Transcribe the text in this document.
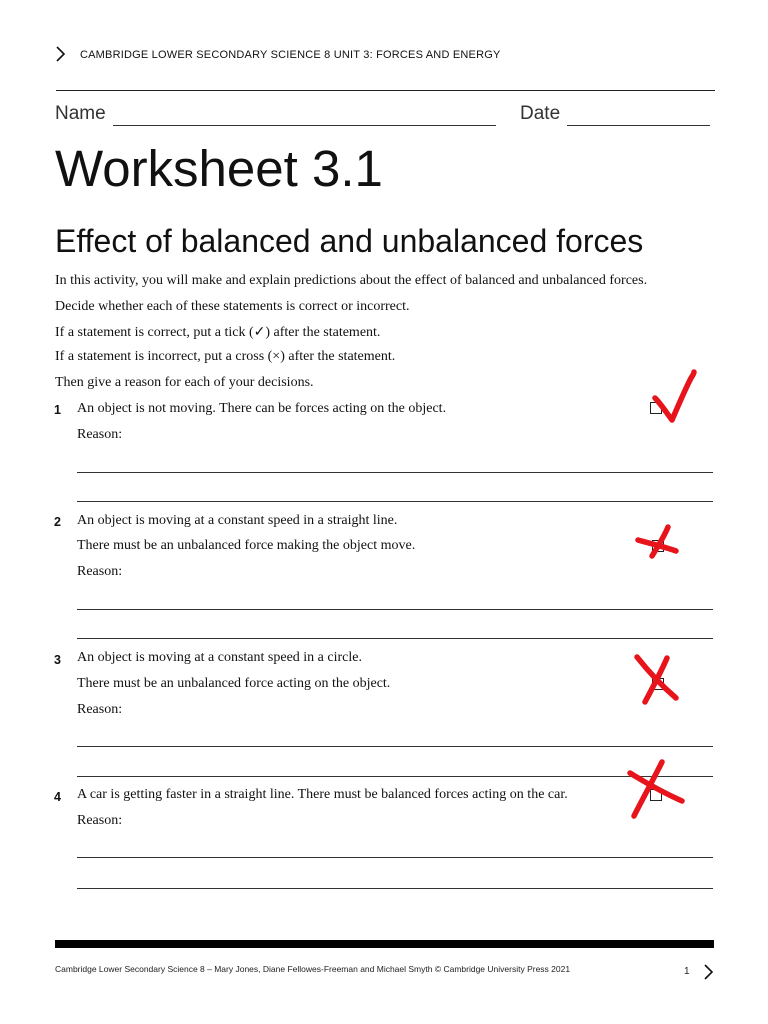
CAMBRIDGE LOWER SECONDARY SCIENCE 8 UNIT 3: FORCES AND ENERGY
Name	Date
Worksheet 3.1
Effect of balanced and unbalanced forces
In this activity, you will make and explain predictions about the effect of balanced and unbalanced forces.
Decide whether each of these statements is correct or incorrect.
If a statement is correct, put a tick (✓) after the statement.
If a statement is incorrect, put a cross (×) after the statement.
Then give a reason for each of your decisions.
1 An object is not moving. There can be forces acting on the object.
Reason:
2 An object is moving at a constant speed in a straight line.
There must be an unbalanced force making the object move.
Reason:
3 An object is moving at a constant speed in a circle.
There must be an unbalanced force acting on the object.
Reason:
4 A car is getting faster in a straight line. There must be balanced forces acting on the car.
Reason:
Cambridge Lower Secondary Science 8 – Mary Jones, Diane Fellowes-Freeman and Michael Smyth © Cambridge University Press 2021	1
